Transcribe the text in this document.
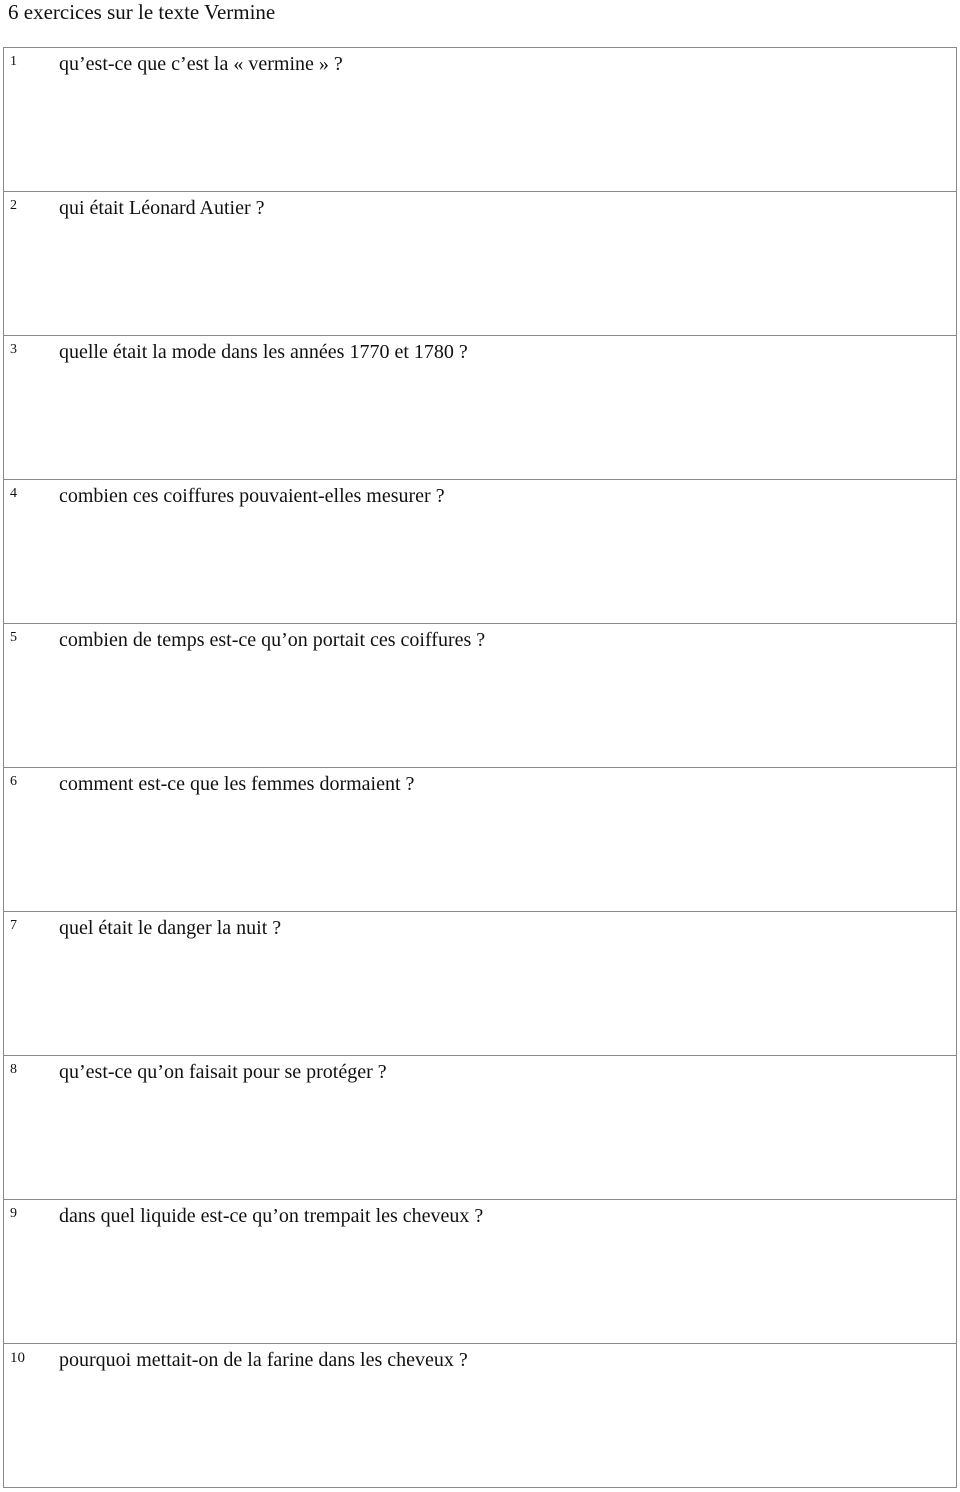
6 exercices sur le texte Vermine
1 qu’est-ce que c’est la « vermine » ?
2 qui était Léonard Autier ?
3 quelle était la mode dans les années 1770 et 1780 ?
4 combien ces coiffures pouvaient-elles mesurer ?
5 combien de temps est-ce qu’on portait ces coiffures ?
6 comment est-ce que les femmes dormaient ?
7 quel était le danger la nuit ?
8 qu’est-ce qu’on faisait pour se protéger ?
9 dans quel liquide est-ce qu’on trempait les cheveux ?
10 pourquoi mettait-on de la farine dans les cheveux ?
